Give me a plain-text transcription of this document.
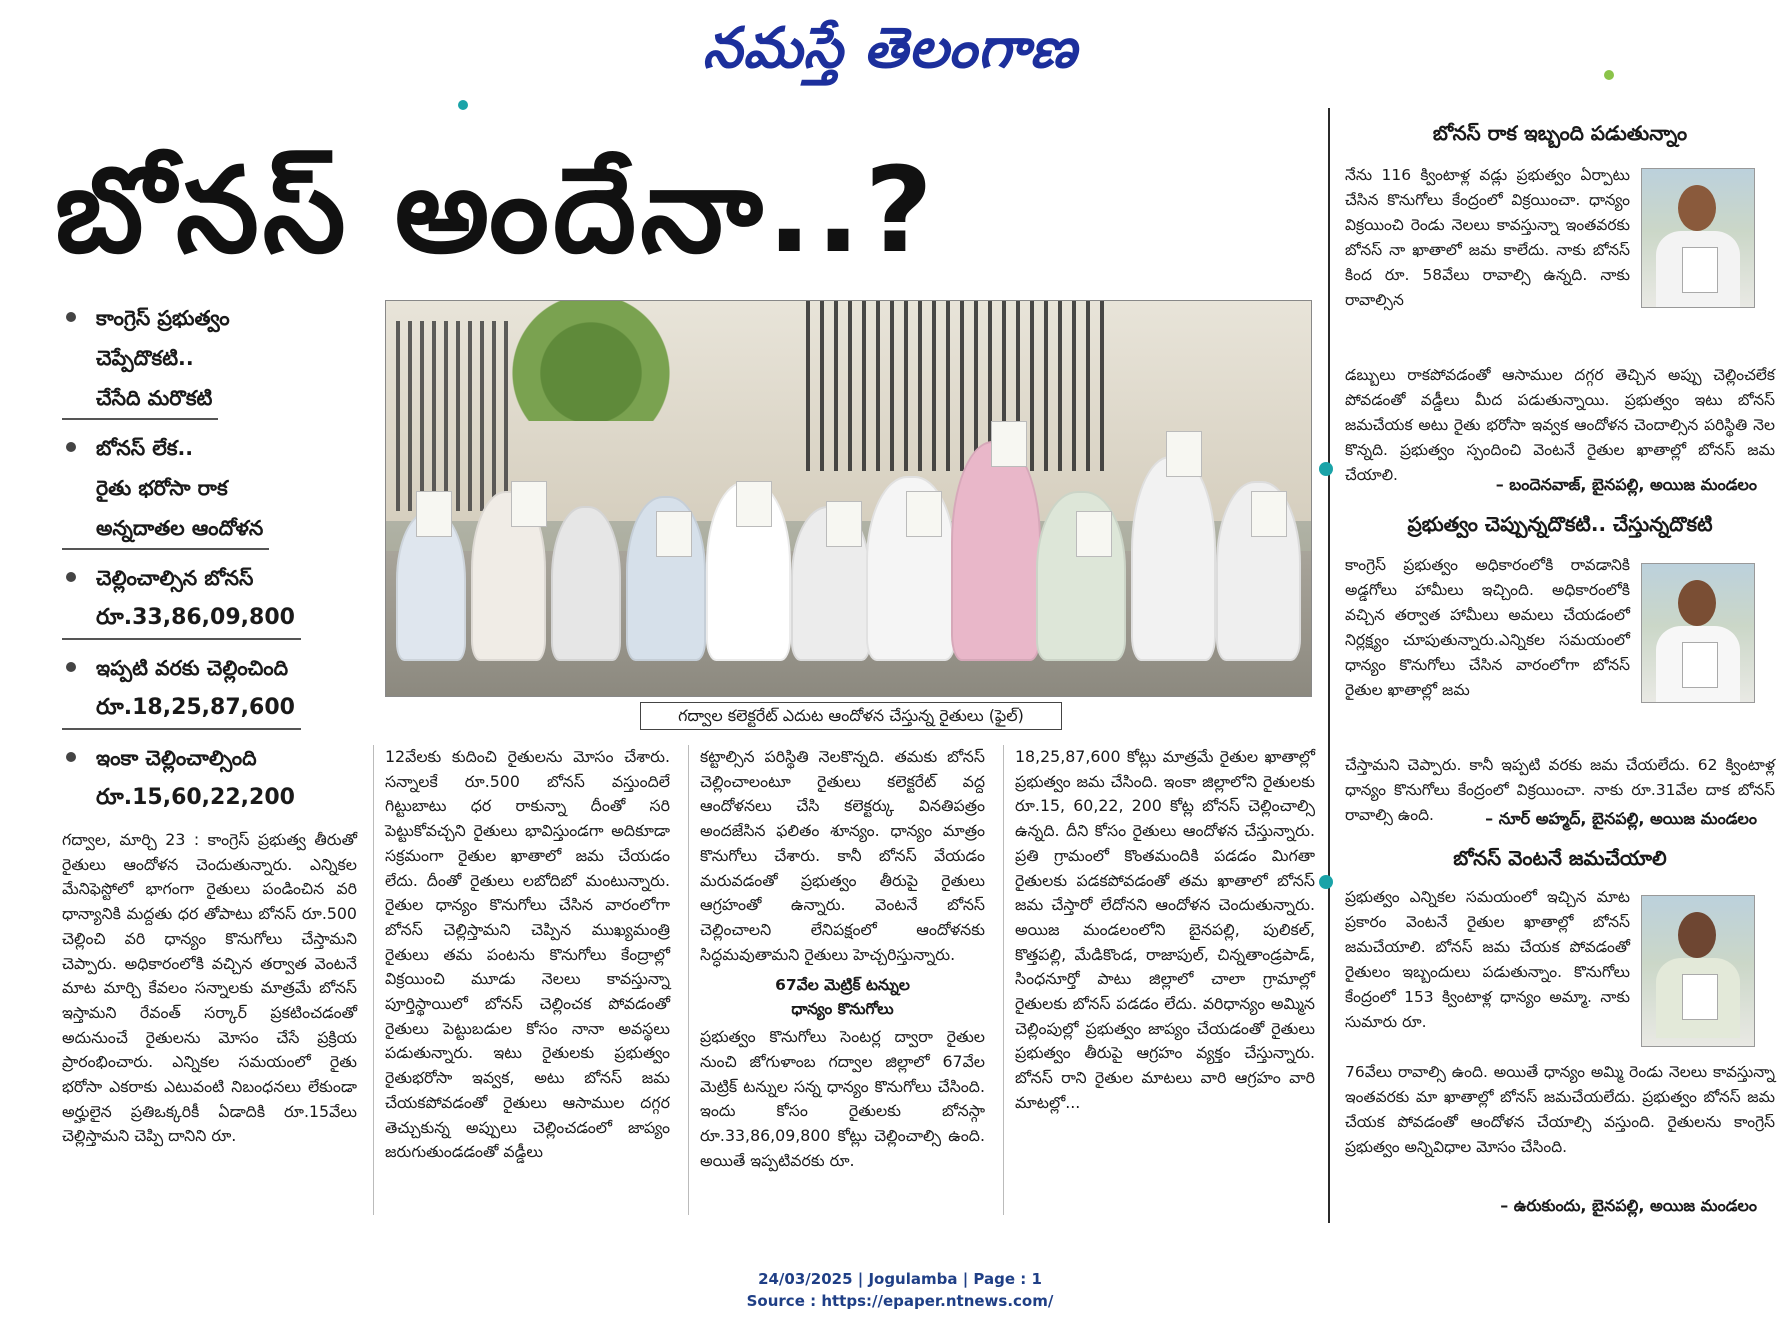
నమస్తే తెలంగాణ
బోనస్ అందేనా..?
కాంగ్రెస్ ప్రభుత్వం
చెప్పేదొకటి..
చేసేది మరొకటి
బోనస్ లేక..
రైతు భరోసా రాక
అన్నదాతల ఆందోళన
చెల్లించాల్సిన బోనస్
రూ.33,86,09,800
ఇప్పటి వరకు చెల్లించింది
రూ.18,25,87,600
ఇంకా చెల్లించాల్సింది
రూ.15,60,22,200
గద్వాల కలెక్టరేట్ ఎదుట ఆందోళన చేస్తున్న రైతులు (ఫైల్)

గద్వాల, మార్చి 23 : కాంగ్రెస్ ప్రభుత్వ తీరుతో రైతులు ఆందోళన చెందుతున్నారు. ఎన్నికల మేనిఫెస్టోలో భాగంగా రైతులు పండించిన వరి ధాన్యానికి మద్దతు ధర తోపాటు బోనస్ రూ.500 చెల్లించి వరి ధాన్యం కొనుగోలు చేస్తామని చెప్పారు. అధికారంలోకి వచ్చిన తర్వాత వెంటనే మాట మార్చి కేవలం సన్నాలకు మాత్రమే బోనస్ ఇస్తామని రేవంత్ సర్కార్ ప్రకటించడంతో అదునుంచే రైతులను మోసం చేసే ప్రక్రియ ప్రారంభించారు. ఎన్నికల సమయంలో రైతు భరోసా ఎకరాకు ఎటువంటి నిబంధనలు లేకుండా అర్హులైన ప్రతిఒక్కరికీ ఏడాదికి రూ.15వేలు చెల్లిస్తామని చెప్పి దానిని రూ.

12వేలకు కుదించి రైతులను మోసం చేశారు. సన్నాలకే రూ.500 బోనస్ వస్తుందిలే గిట్టుబాటు ధర రాకున్నా దీంతో సరి పెట్టుకోవచ్చని రైతులు భావిస్తుండగా అదికూడా సక్రమంగా రైతుల ఖాతాలో జమ చేయడం లేదు. దీంతో రైతులు లబోదిబో మంటున్నారు. రైతుల ధాన్యం కొనుగోలు చేసిన వారంలోగా బోనస్ చెల్లిస్తామని చెప్పిన ముఖ్యమంత్రి రైతులు తమ పంటను కొనుగోలు కేంద్రాల్లో విక్రయించి మూడు నెలలు కావస్తున్నా పూర్తిస్థాయిలో బోనస్ చెల్లించక పోవడంతో రైతులు పెట్టుబడుల కోసం నానా అవస్థలు పడుతున్నారు. ఇటు రైతులకు ప్రభుత్వం రైతుభరోసా ఇవ్వక, అటు బోనస్ జమ చేయకపోవడంతో రైతులు ఆసాముల దగ్గర తెచ్చుకున్న అప్పులు చెల్లించడంలో జాప్యం జరుగుతుండడంతో వడ్డీలు

కట్టాల్సిన పరిస్థితి నెలకొన్నది. తమకు బోనస్ చెల్లించాలంటూ రైతులు కలెక్టరేట్ వద్ద ఆందోళనలు చేసి కలెక్టర్కు వినతిపత్రం అందజేసిన ఫలితం శూన్యం. ధాన్యం మాత్రం కొనుగోలు చేశారు. కానీ బోనస్ వేయడం మరువడంతో ప్రభుత్వం తీరుపై రైతులు ఆగ్రహంతో ఉన్నారు. వెంటనే బోనస్ చెల్లించాలని లేనిపక్షంలో ఆందోళనకు సిద్ధమవుతామని రైతులు హెచ్చరిస్తున్నారు.

67వేల మెట్రిక్ టన్నుల
ధాన్యం కొనుగోలు

ప్రభుత్వం కొనుగోలు సెంటర్ల ద్వారా రైతుల నుంచి జోగుళాంబ గద్వాల జిల్లాలో 67వేల మెట్రిక్ టన్నుల సన్న ధాన్యం కొనుగోలు చేసింది. ఇందు కోసం రైతులకు బోనస్గా రూ.33,86,09,800 కోట్లు చెల్లించాల్సి ఉంది. అయితే ఇప్పటివరకు రూ.

18,25,87,600 కోట్లు మాత్రమే రైతుల ఖాతాల్లో ప్రభుత్వం జమ చేసింది. ఇంకా జిల్లాలోని రైతులకు రూ.15, 60,22, 200 కోట్ల బోనస్ చెల్లించాల్సి ఉన్నది. దీని కోసం రైతులు ఆందోళన చేస్తున్నారు. ప్రతి గ్రామంలో కొంతమందికి పడడం మిగతా రైతులకు పడకపోవడంతో తమ ఖాతాలో బోనస్ జమ చేస్తారో లేదోనని ఆందోళన చెందుతున్నారు. అయిజ మండలంలోని బైనపల్లి, పులికల్, కొత్తపల్లి, మేడికొండ, రాజాపుల్, చిన్నతాండ్రపాడ్, సింధనూర్తో పాటు జిల్లాలో చాలా గ్రామాల్లో రైతులకు బోనస్ పడడం లేదు. వరిధాన్యం అమ్మిన చెల్లింపుల్లో ప్రభుత్వం జాప్యం చేయడంతో రైతులు ప్రభుత్వం తీరుపై ఆగ్రహం వ్యక్తం చేస్తున్నారు. బోనస్ రాని రైతుల మాటలు వారి ఆగ్రహం వారి మాటల్లో...

బోనస్ రాక ఇబ్బంది పడుతున్నాం
నేను 116 క్వింటాళ్ల వడ్లు ప్రభుత్వం ఏర్పాటు చేసిన కొనుగోలు కేంద్రంలో విక్రయించా. ధాన్యం విక్రయించి రెండు నెలలు కావస్తున్నా ఇంతవరకు బోనస్ నా ఖాతాలో జమ కాలేదు. నాకు బోనస్ కింద రూ. 58వేలు రావాల్సి ఉన్నది. నాకు రావాల్సిన
డబ్బులు రాకపోవడంతో ఆసాముల దగ్గర తెచ్చిన అప్పు చెల్లించలేక పోవడంతో వడ్డీలు మీద పడుతున్నాయి. ప్రభుత్వం ఇటు బోనస్ జమచేయక అటు రైతు భరోసా ఇవ్వక ఆందోళన చెందాల్సిన పరిస్థితి నెల కొన్నది. ప్రభుత్వం స్పందించి వెంటనే రైతుల ఖాతాల్లో బోనస్ జమ చేయాలి.	– బందెనవాజ్, బైనపల్లి, అయిజ మండలం
ప్రభుత్వం చెప్పున్నదొకటి.. చేస్తున్నదొకటి
కాంగ్రెస్ ప్రభుత్వం అధికారంలోకి రావడానికి అడ్డగోలు హామీలు ఇచ్చింది. అధికారంలోకి వచ్చిన తర్వాత హామీలు అమలు చేయడంలో నిర్లక్ష్యం చూపుతున్నారు.ఎన్నికల సమయంలో ధాన్యం కొనుగోలు చేసిన వారంలోగా బోనస్ రైతుల ఖాతాల్లో జమ
చేస్తామని చెప్పారు. కానీ ఇప్పటి వరకు జమ చేయలేదు. 62 క్వింటాళ్ల ధాన్యం కొనుగోలు కేంద్రంలో విక్రయించా. నాకు రూ.31వేల దాక బోనస్ రావాల్సి ఉంది.	– నూర్ అహ్మద్, బైనపల్లి, అయిజ మండలం
బోనస్ వెంటనే జమచేయాలి
ప్రభుత్వం ఎన్నికల సమయంలో ఇచ్చిన మాట ప్రకారం వెంటనే రైతుల ఖాతాల్లో బోనస్ జమచేయాలి. బోనస్ జమ చేయక పోవడంతో రైతులం ఇబ్బందులు పడుతున్నాం. కొనుగోలు కేంద్రంలో 153 క్వింటాళ్ల ధాన్యం అమ్మా. నాకు సుమారు రూ.
76వేలు రావాల్సి ఉంది. అయితే ధాన్యం అమ్మి రెండు నెలలు కావస్తున్నా ఇంతవరకు మా ఖాతాల్లో బోనస్ జమచేయలేదు. ప్రభుత్వం బోనస్ జమ చేయక పోవడంతో ఆందోళన చేయాల్సి వస్తుంది. రైతులను కాంగ్రెస్ ప్రభుత్వం అన్నివిధాల మోసం చేసింది.
– ఉరుకుందు, బైనపల్లి, అయిజ మండలం
24/03/2025 | Jogulamba | Page : 1
Source : https://epaper.ntnews.com/
